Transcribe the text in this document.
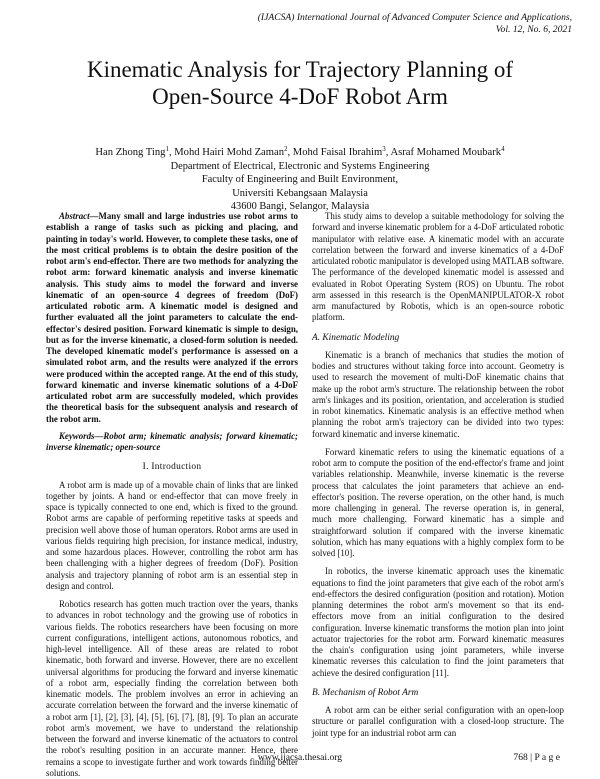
(IJACSA) International Journal of Advanced Computer Science and Applications,
Vol. 12, No. 6, 2021
Kinematic Analysis for Trajectory Planning of
Open-Source 4-DoF Robot Arm
Han Zhong Ting$^1$, Mohd Hairi Mohd Zaman$^2$, Mohd Faisal Ibrahim$^3$, Asraf Mohamed Moubark$^4$
Department of Electrical, Electronic and Systems Engineering
Faculty of Engineering and Built Environment,
Universiti Kebangsaan Malaysia
43600 Bangi, Selangor, Malaysia

Abstract—Many small and large industries use robot arms to establish a range of tasks such as picking and placing, and painting in today's world. However, to complete these tasks, one of the most critical problems is to obtain the desire position of the robot arm's end-effector. There are two methods for analyzing the robot arm: forward kinematic analysis and inverse kinematic analysis. This study aims to model the forward and inverse kinematic of an open-source 4 degrees of freedom (DoF) articulated robotic arm. A kinematic model is designed and further evaluated all the joint parameters to calculate the end-effector's desired position. Forward kinematic is simple to design, but as for the inverse kinematic, a closed-form solution is needed. The developed kinematic model's performance is assessed on a simulated robot arm, and the results were analyzed if the errors were produced within the accepted range. At the end of this study, forward kinematic and inverse kinematic solutions of a 4-DoF articulated robot arm are successfully modeled, which provides the theoretical basis for the subsequent analysis and research of the robot arm.

Keywords—Robot arm; kinematic analysis; forward kinematic; inverse kinematic; open-source

I. Introduction

A robot arm is made up of a movable chain of links that are linked together by joints. A hand or end-effector that can move freely in space is typically connected to one end, which is fixed to the ground. Robot arms are capable of performing repetitive tasks at speeds and precision well above those of human operators. Robot arms are used in various fields requiring high precision, for instance medical, industry, and some hazardous places. However, controlling the robot arm has been challenging with a higher degrees of freedom (DoF). Position analysis and trajectory planning of robot arm is an essential step in design and control.

Robotics research has gotten much traction over the years, thanks to advances in robot technology and the growing use of robotics in various fields. The robotics researchers have been focusing on more current configurations, intelligent actions, autonomous robotics, and high-level intelligence. All of these areas are related to robot kinematic, both forward and inverse. However, there are no excellent universal algorithms for producing the forward and inverse kinematic of a robot arm, especially finding the correlation between both kinematic models. The problem involves an error in achieving an accurate correlation between the forward and the inverse kinematic of a robot arm [1], [2], [3], [4], [5], [6], [7], [8], [9]. To plan an accurate robot arm's movement, we have to understand the relationship between the forward and inverse kinematic of the actuators to control the robot's resulting position in an accurate manner. Hence, there remains a scope to investigate further and work towards finding better solutions.

This study aims to develop a suitable methodology for solving the forward and inverse kinematic problem for a 4-DoF articulated robotic manipulator with relative ease. A kinematic model with an accurate correlation between the forward and inverse kinematics of a 4-DoF articulated robotic manipulator is developed using MATLAB software. The performance of the developed kinematic model is assessed and evaluated in Robot Operating System (ROS) on Ubuntu. The robot arm assessed in this research is the OpenMANIPULATOR-X robot arm manufactured by Robotis, which is an open-source robotic platform.

A. Kinematic Modeling

Kinematic is a branch of mechanics that studies the motion of bodies and structures without taking force into account. Geometry is used to research the movement of multi-DoF kinematic chains that make up the robot arm's structure. The relationship between the robot arm's linkages and its position, orientation, and acceleration is studied in robot kinematics. Kinematic analysis is an effective method when planning the robot arm's trajectory can be divided into two types: forward kinematic and inverse kinematic.

Forward kinematic refers to using the kinematic equations of a robot arm to compute the position of the end-effector's frame and joint variables relationship. Meanwhile, inverse kinematic is the reverse process that calculates the joint parameters that achieve an end-effector's position. The reverse operation, on the other hand, is much more challenging in general. The reverse operation is, in general, much more challenging. Forward kinematic has a simple and straightforward solution if compared with the inverse kinematic solution, which has many equations with a highly complex form to be solved [10].

In robotics, the inverse kinematic approach uses the kinematic equations to find the joint parameters that give each of the robot arm's end-effectors the desired configuration (position and rotation). Motion planning determines the robot arm's movement so that its end-effectors move from an initial configuration to the desired configuration. Inverse kinematic transforms the motion plan into joint actuator trajectories for the robot arm. Forward kinematic measures the chain's configuration using joint parameters, while inverse kinematic reverses this calculation to find the joint parameters that achieve the desired configuration [11].

B. Mechanism of Robot Arm

A robot arm can be either serial configuration with an open-loop structure or parallel configuration with a closed-loop structure. The joint type for an industrial robot arm can

www.ijacsa.thesai.org	768 | P a g e
